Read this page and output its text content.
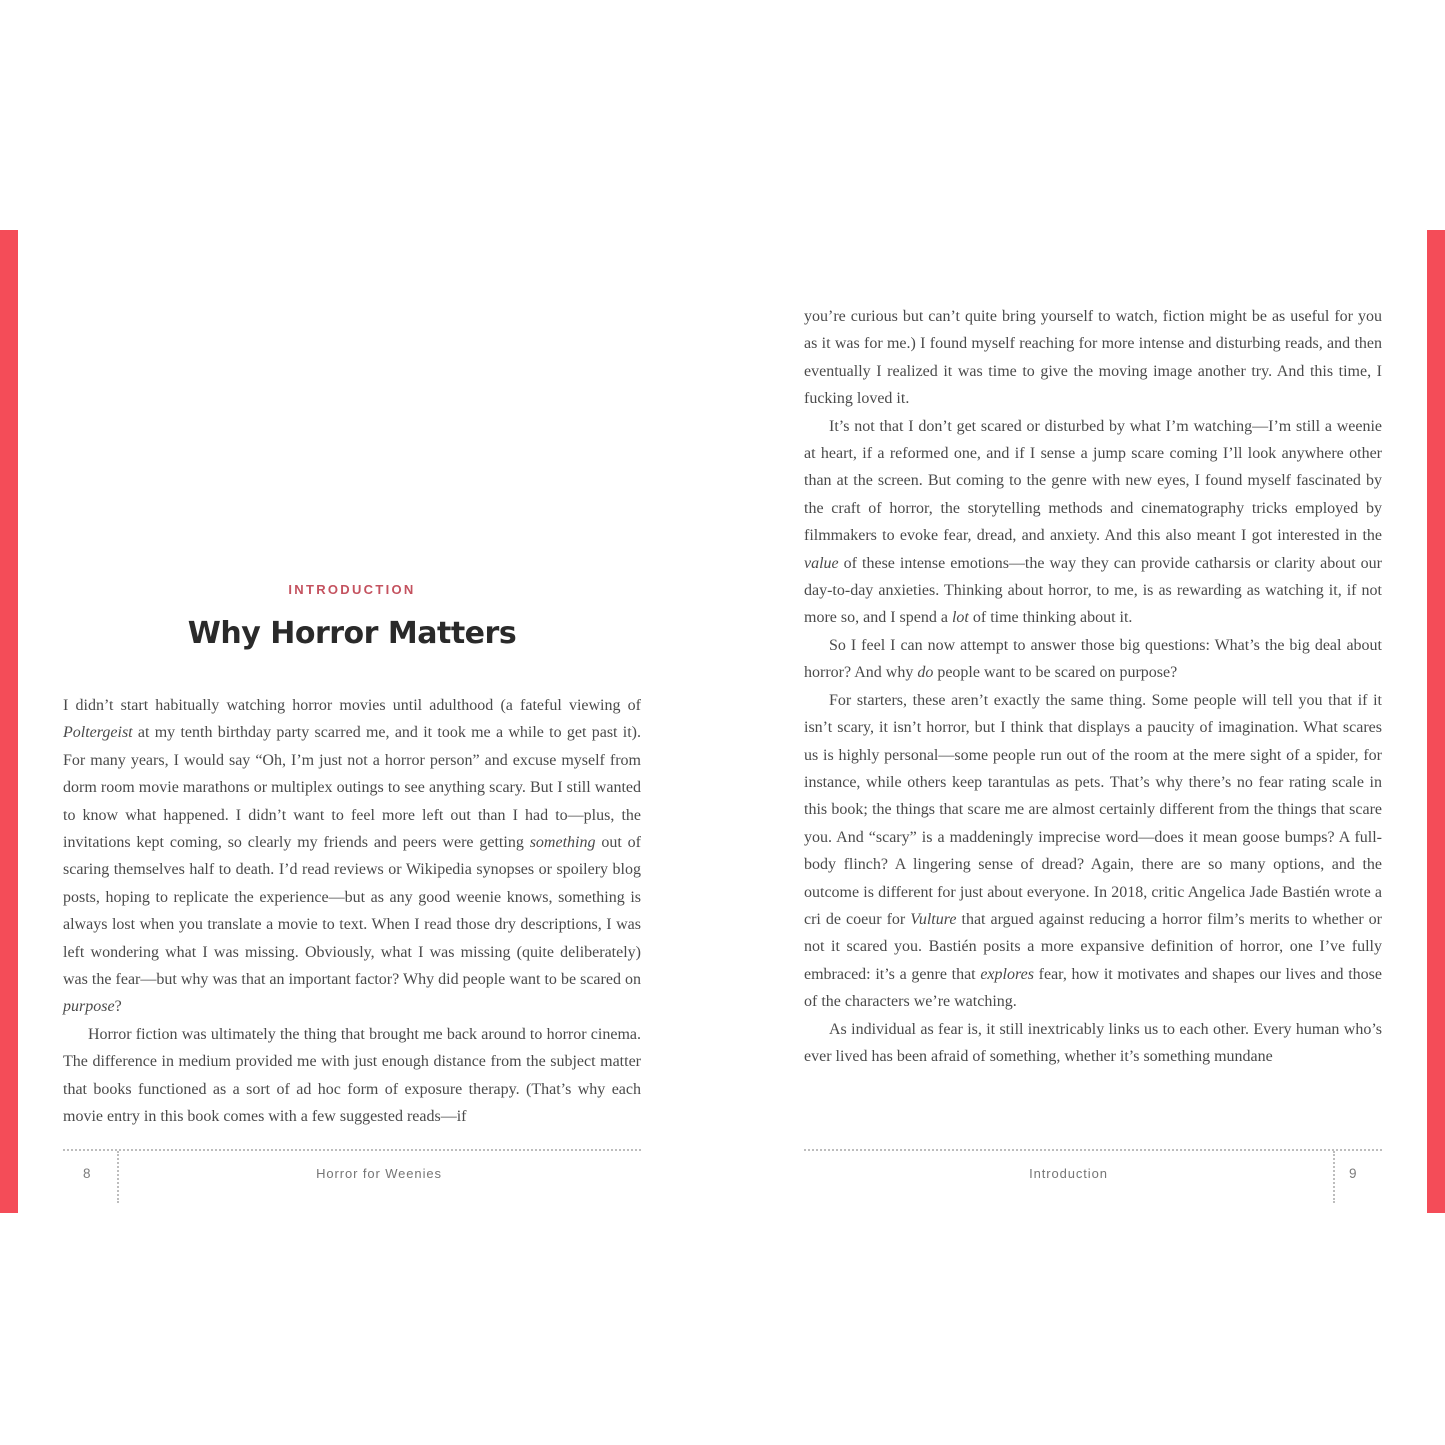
INTRODUCTION
Why Horror Matters

I didn’t start habitually watching horror movies until adulthood (a fateful viewing of Poltergeist at my tenth birthday party scarred me, and it took me a while to get past it). For many years, I would say “Oh, I’m just not a horror person” and excuse myself from dorm room movie marathons or multiplex outings to see anything scary. But I still wanted to know what happened. I didn’t want to feel more left out than I had to—plus, the invitations kept coming, so clearly my friends and peers were getting something out of scaring themselves half to death. I’d read reviews or Wikipedia synopses or spoilery blog posts, hoping to replicate the experience—but as any good weenie knows, something is always lost when you translate a movie to text. When I read those dry descriptions, I was left wondering what I was missing. Obviously, what I was missing (quite deliberately) was the fear—but why was that an important factor? Why did people want to be scared on purpose?

Horror fiction was ultimately the thing that brought me back around to horror cinema. The difference in medium provided me with just enough distance from the subject matter that books functioned as a sort of ad hoc form of exposure therapy. (That’s why each movie entry in this book comes with a few suggested reads—if

8	Horror for Weenies

you’re curious but can’t quite bring yourself to watch, fiction might be as useful for you as it was for me.) I found myself reaching for more intense and disturbing reads, and then eventually I realized it was time to give the moving image another try. And this time, I fucking loved it.

It’s not that I don’t get scared or disturbed by what I’m watching—I’m still a weenie at heart, if a reformed one, and if I sense a jump scare coming I’ll look anywhere other than at the screen. But coming to the genre with new eyes, I found myself fascinated by the craft of horror, the storytelling methods and cinematography tricks employed by filmmakers to evoke fear, dread, and anxiety. And this also meant I got interested in the value of these intense emotions—the way they can provide catharsis or clarity about our day-to-day anxieties. Thinking about horror, to me, is as rewarding as watching it, if not more so, and I spend a lot of time thinking about it.

So I feel I can now attempt to answer those big questions: What’s the big deal about horror? And why do people want to be scared on purpose?

For starters, these aren’t exactly the same thing. Some people will tell you that if it isn’t scary, it isn’t horror, but I think that displays a paucity of imagination. What scares us is highly personal—some people run out of the room at the mere sight of a spider, for instance, while others keep tarantulas as pets. That’s why there’s no fear rating scale in this book; the things that scare me are almost certainly different from the things that scare you. And “scary” is a maddeningly imprecise word—does it mean goose bumps? A full-body flinch? A lingering sense of dread? Again, there are so many options, and the outcome is different for just about everyone. In 2018, critic Angelica Jade Bastién wrote a cri de coeur for Vulture that argued against reducing a horror film’s merits to whether or not it scared you. Bastién posits a more expansive definition of horror, one I’ve fully embraced: it’s a genre that explores fear, how it motivates and shapes our lives and those of the characters we’re watching.

As individual as fear is, it still inextricably links us to each other. Every human who’s ever lived has been afraid of something, whether it’s something mundane

Introduction	9
